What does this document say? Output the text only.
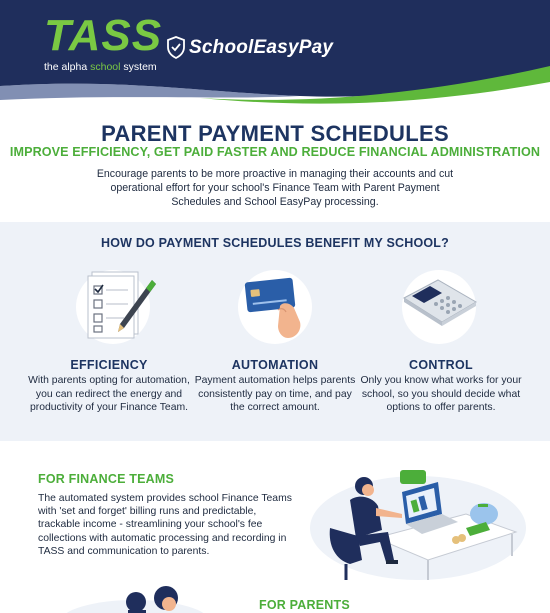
TASS
the alpha school system
SchoolEasyPay
PARENT PAYMENT SCHEDULES
IMPROVE EFFICIENCY, GET PAID FASTER AND REDUCE FINANCIAL ADMINISTRATION
Encourage parents to be more proactive in managing their accounts and cut operational effort for your school's Finance Team with Parent Payment Schedules and School EasyPay processing.
HOW DO PAYMENT SCHEDULES BENEFIT MY SCHOOL?
EFFICIENCY
With parents opting for automation, you can redirect the energy and productivity of your Finance Team.
AUTOMATION
Payment automation helps parents consistently pay on time, and pay the correct amount.
CONTROL
Only you know what works for your school, so you should decide what options to offer parents.
FOR FINANCE TEAMS
The automated system provides school Finance Teams with 'set and forget' billing runs and predictable, trackable income - streamlining your school's fee collections with automatic processing and recording in TASS and communication to parents.
FOR PARENTS
